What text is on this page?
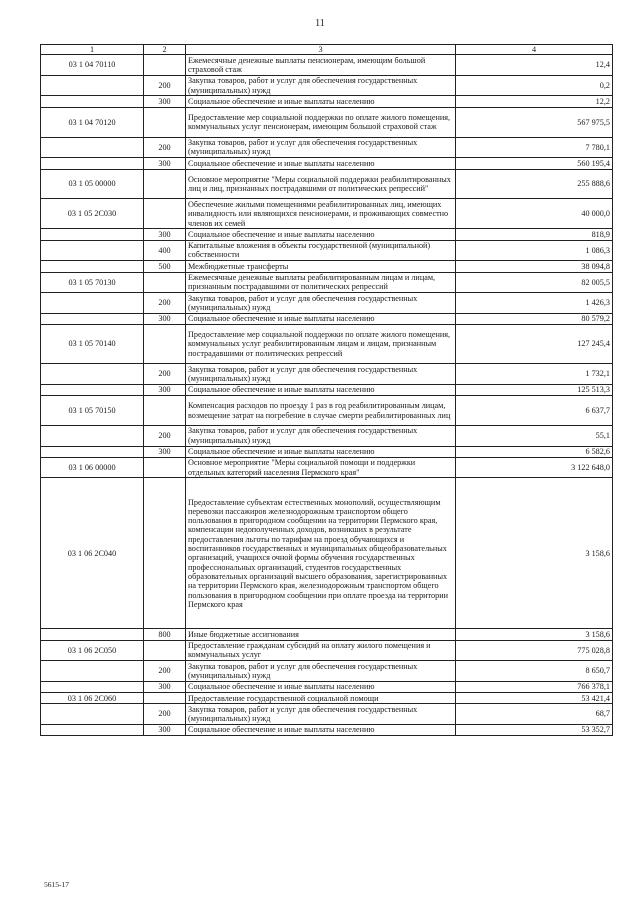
11
1	2	3	4
03 1 04 70110		Ежемесячные денежные выплаты пенсионерам, имеющим большой страховой стаж	12,4
	200	Закупка товаров, работ и услуг для обеспечения государственных (муниципальных) нужд	0,2
	300	Социальное обеспечение и иные выплаты населению	12,2
03 1 04 70120		Предоставление мер социальной поддержки по оплате жилого помещения, коммунальных услуг пенсионерам, имеющим большой страховой стаж	567 975,5
	200	Закупка товаров, работ и услуг для обеспечения государственных (муниципальных) нужд	7 780,1
	300	Социальное обеспечение и иные выплаты населению	560 195,4
03 1 05 00000		Основное мероприятие "Меры социальной поддержки реабилитированных лиц и лиц, признанных пострадавшими от политических репрессий"	255 888,6
03 1 05 2С030		Обеспечение жилыми помещениями реабилитированных лиц, имеющих инвалидность или являющихся пенсионерами, и проживающих совместно членов их семей	40 000,0
	300	Социальное обеспечение и иные выплаты населению	818,9
	400	Капитальные вложения в объекты государственной (муниципальной) собственности	1 086,3
	500	Межбюджетные трансферты	38 094,8
03 1 05 70130		Ежемесячные денежные выплаты реабилитированным лицам и лицам, признанным пострадавшими от политических репрессий	82 005,5
	200	Закупка товаров, работ и услуг для обеспечения государственных (муниципальных) нужд	1 426,3
	300	Социальное обеспечение и иные выплаты населению	80 579,2
03 1 05 70140		Предоставление мер социальной поддержки по оплате жилого помещения, коммунальных услуг реабилитированным лицам и лицам, признанным пострадавшими от политических репрессий	127 245,4
	200	Закупка товаров, работ и услуг для обеспечения государственных (муниципальных) нужд	1 732,1
	300	Социальное обеспечение и иные выплаты населению	125 513,3
03 1 05 70150		Компенсация расходов по проезду 1 раз в год реабилитированным лицам, возмещение затрат на погребение в случае смерти реабилитированных лиц	6 637,7
	200	Закупка товаров, работ и услуг для обеспечения государственных (муниципальных) нужд	55,1
	300	Социальное обеспечение и иные выплаты населению	6 582,6
03 1 06 00000		Основное мероприятие "Меры социальной помощи и поддержки отдельных категорий населения Пермского края"	3 122 648,0
03 1 06 2С040		Предоставление субъектам естественных монополий, осуществляющим перевозки пассажиров железнодорожным транспортом общего пользования в пригородном сообщении на территории Пермского края, компенсации недополученных доходов, возникших в результате предоставления льготы по тарифам на проезд обучающихся и воспитанников государственных и муниципальных общеобразовательных организаций, учащихся очной формы обучения государственных профессиональных организаций, студентов государственных образовательных организаций высшего образования, зарегистрированных на территории Пермского края, железнодорожным транспортом общего пользования в пригородном сообщении при оплате проезда на территории Пермского края	3 158,6
	800	Иные бюджетные ассигнования	3 158,6
03 1 06 2С050		Предоставление гражданам субсидий на оплату жилого помещения и коммунальных услуг	775 028,8
	200	Закупка товаров, работ и услуг для обеспечения государственных (муниципальных) нужд	8 650,7
	300	Социальное обеспечение и иные выплаты населению	766 378,1
03 1 06 2С060		Предоставление государственной социальной помощи	53 421,4
	200	Закупка товаров, работ и услуг для обеспечения государственных (муниципальных) нужд	68,7
	300	Социальное обеспечение и иные выплаты населению	53 352,7
5615-17
